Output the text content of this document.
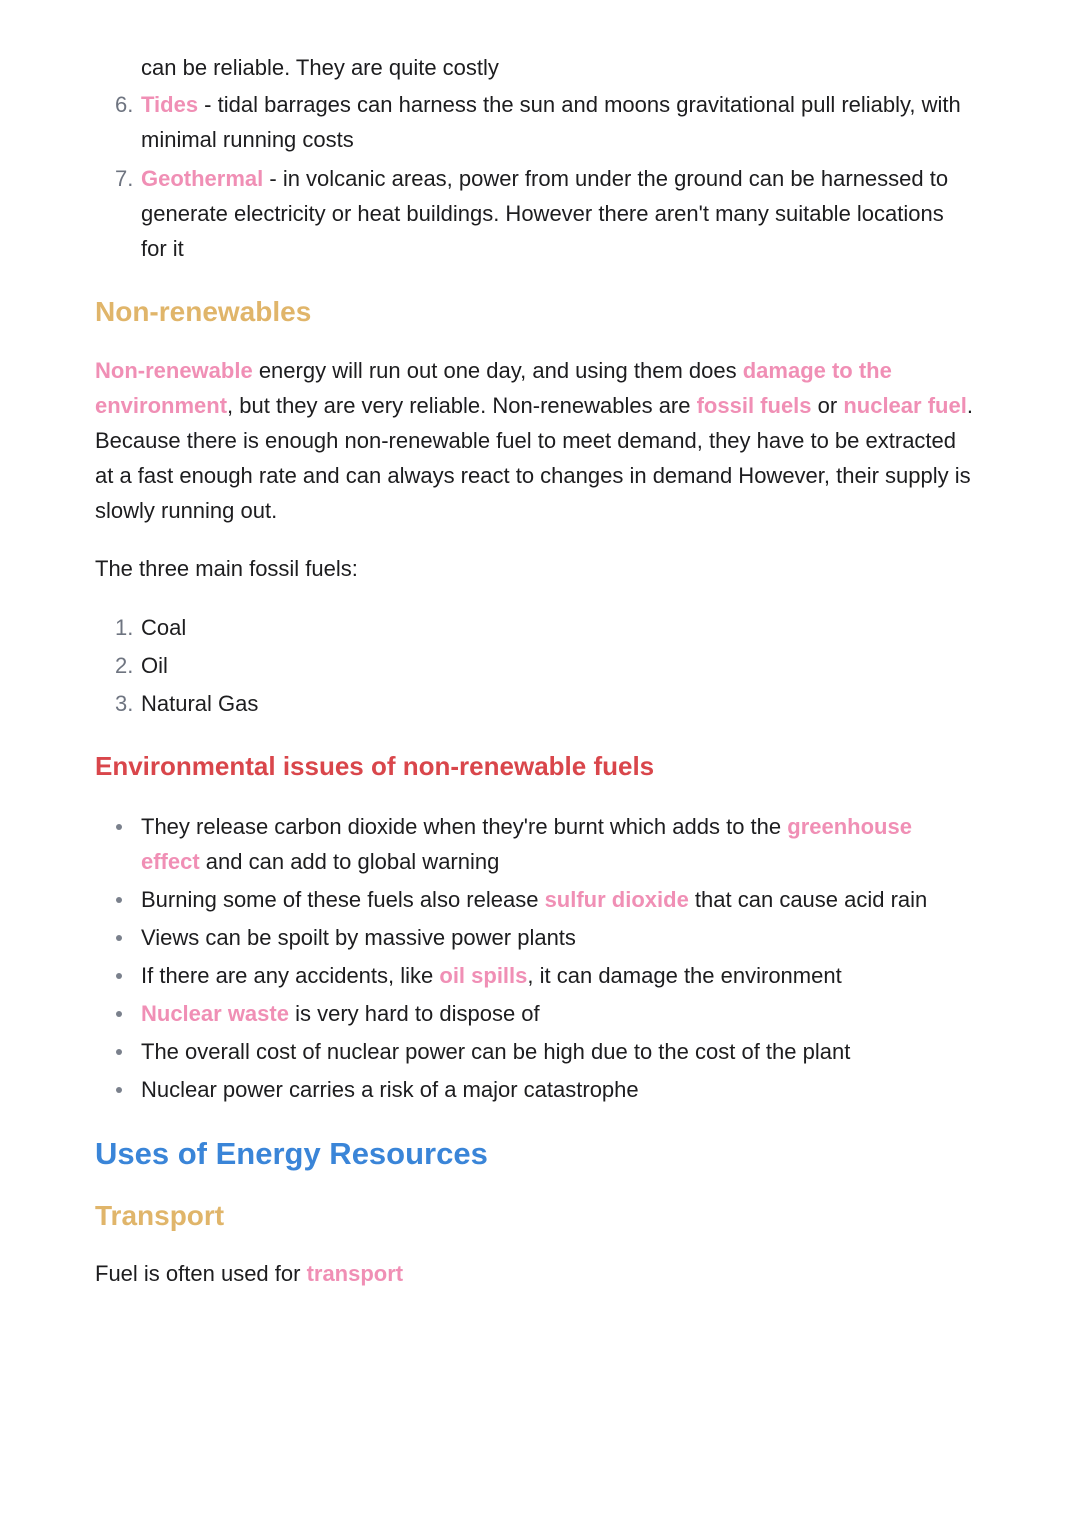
can be reliable. They are quite costly
6. Tides - tidal barrages can harness the sun and moons gravitational pull reliably, with minimal running costs
7. Geothermal - in volcanic areas, power from under the ground can be harnessed to generate electricity or heat buildings. However there aren't many suitable locations for it
Non-renewables
Non-renewable energy will run out one day, and using them does damage to the environment, but they are very reliable. Non-renewables are fossil fuels or nuclear fuel. Because there is enough non-renewable fuel to meet demand, they have to be extracted at a fast enough rate and can always react to changes in demand However, their supply is slowly running out.
The three main fossil fuels:
1. Coal
2. Oil
3. Natural Gas
Environmental issues of non-renewable fuels
They release carbon dioxide when they're burnt which adds to the greenhouse effect and can add to global warning
Burning some of these fuels also release sulfur dioxide that can cause acid rain
Views can be spoilt by massive power plants
If there are any accidents, like oil spills, it can damage the environment
Nuclear waste is very hard to dispose of
The overall cost of nuclear power can be high due to the cost of the plant
Nuclear power carries a risk of a major catastrophe
Uses of Energy Resources
Transport
Fuel is often used for transport
